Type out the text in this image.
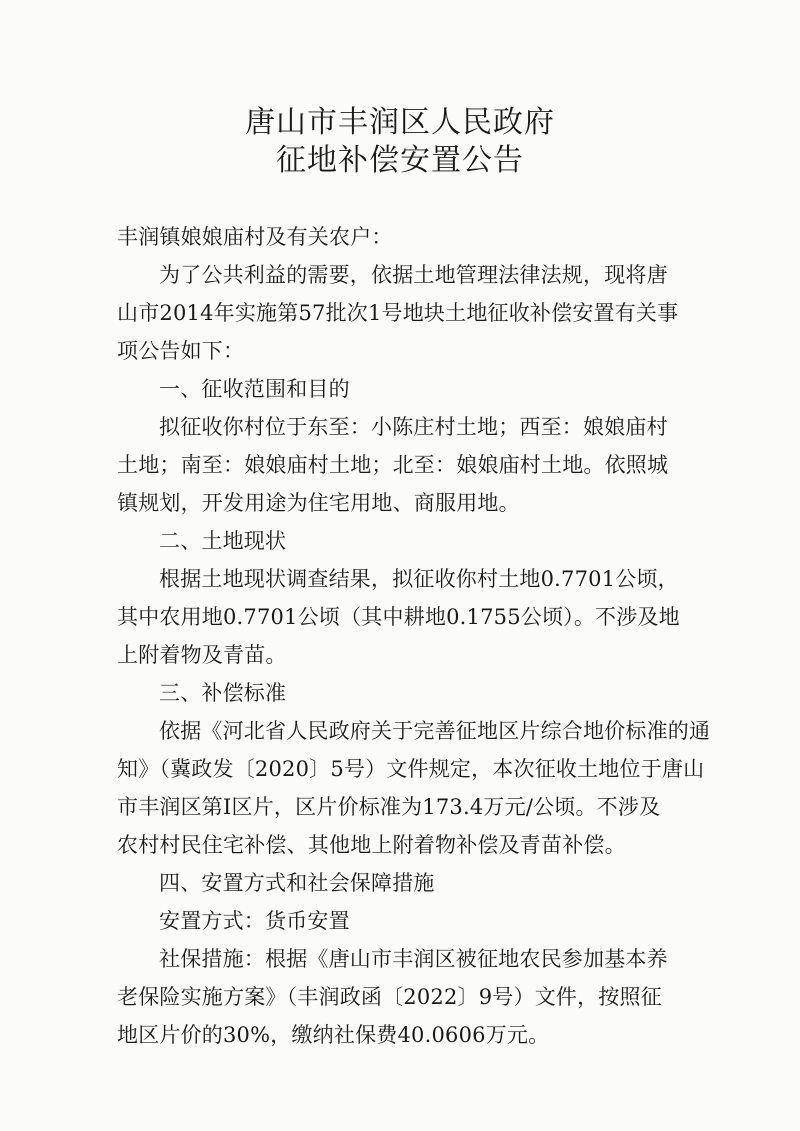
唐山市丰润区人民政府
征地补偿安置公告

丰润镇娘娘庙村及有关农户：

为了公共利益的需要，依据土地管理法律法规，现将唐

山市2014年实施第57批次1号地块土地征收补偿安置有关事

项公告如下：

一、征收范围和目的

拟征收你村位于东至：小陈庄村土地；西至：娘娘庙村

土地；南至：娘娘庙村土地；北至：娘娘庙村土地。依照城

镇规划，开发用途为住宅用地、商服用地。

二、土地现状

根据土地现状调查结果，拟征收你村土地0.7701公顷，

其中农用地0.7701公顷（其中耕地0.1755公顷）。不涉及地

上附着物及青苗。

三、补偿标准

依据《河北省人民政府关于完善征地区片综合地价标准的通

知》（冀政发〔2020〕5号）文件规定，本次征收土地位于唐山

市丰润区第Ⅰ区片，区片价标准为173.4万元/公顷。不涉及

农村村民住宅补偿、其他地上附着物补偿及青苗补偿。

四、安置方式和社会保障措施

安置方式：货币安置

社保措施：根据《唐山市丰润区被征地农民参加基本养

老保险实施方案》（丰润政函〔2022〕9号）文件，按照征

地区片价的30%，缴纳社保费40.0606万元。
